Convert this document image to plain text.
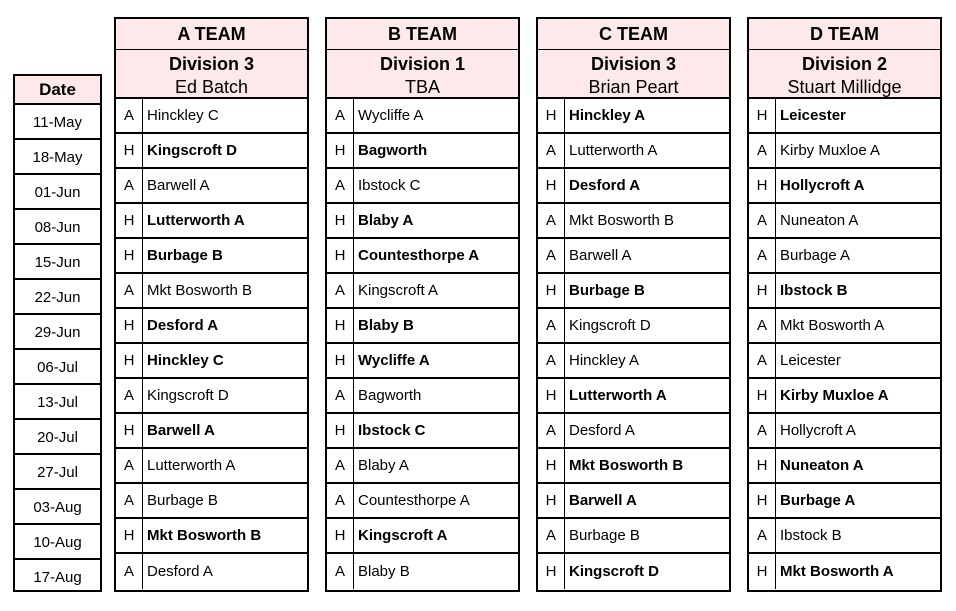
Date
11-May
18-May
01-Jun
08-Jun
15-Jun
22-Jun
29-Jun
06-Jul
13-Jul
20-Jul
27-Jul
03-Aug
10-Aug
17-Aug
A TEAM
Division 3
Ed Batch
A Hinckley C
H Kingscroft D
A Barwell A
H Lutterworth A
H Burbage B
A Mkt Bosworth B
H Desford A
H Hinckley C
A Kingscroft D
H Barwell A
A Lutterworth A
A Burbage B
H Mkt Bosworth B
A Desford A
B TEAM
Division 1
TBA
A Wycliffe A
H Bagworth
A Ibstock C
H Blaby A
H Countesthorpe A
A Kingscroft A
H Blaby B
H Wycliffe A
A Bagworth
H Ibstock C
A Blaby A
A Countesthorpe A
H Kingscroft A
A Blaby B
C TEAM
Division 3
Brian Peart
H Hinckley A
A Lutterworth A
H Desford A
A Mkt Bosworth B
A Barwell A
H Burbage B
A Kingscroft D
A Hinckley A
H Lutterworth A
A Desford A
H Mkt Bosworth B
H Barwell A
A Burbage B
H Kingscroft D
D TEAM
Division 2
Stuart Millidge
H Leicester
A Kirby Muxloe A
H Hollycroft A
A Nuneaton A
A Burbage A
H Ibstock B
A Mkt Bosworth A
A Leicester
H Kirby Muxloe A
A Hollycroft A
H Nuneaton A
H Burbage A
A Ibstock B
H Mkt Bosworth A
